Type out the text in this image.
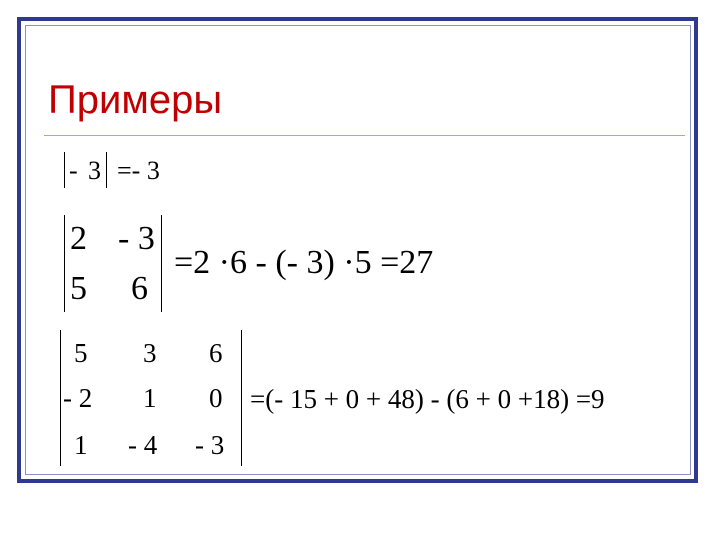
Примеры
- 3 =- 3
2 - 3
5 6
=2 ·6 - (- 3) ·5 =27
5 3 6
- 2 1 0
1 - 4 - 3
=(- 15 + 0 + 48) - (6 + 0 +18) =9
